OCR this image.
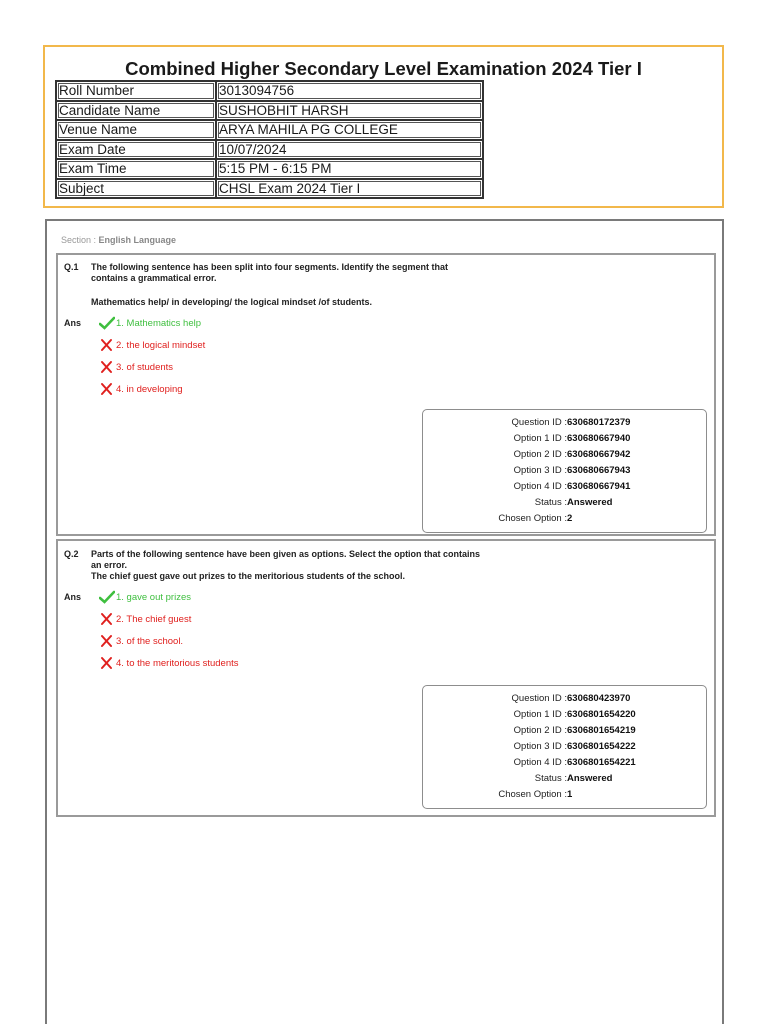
Combined Higher Secondary Level Examination 2024 Tier I
Roll Number	3013094756
Candidate Name	SUSHOBHIT HARSH
Venue Name	ARYA MAHILA PG COLLEGE
Exam Date	10/07/2024
Exam Time	5:15 PM - 6:15 PM
Subject	CHSL Exam 2024 Tier I
Section : English Language
Q.1 The following sentence has been split into four segments. Identify the segment that
contains a grammatical error.
Mathematics help/ in developing/ the logical mindset /of students.
Ans	1. Mathematics help
2. the logical mindset
3. of students
4. in developing
Question ID : 630680172379
Option 1 ID : 630680667940
Option 2 ID : 630680667942
Option 3 ID : 630680667943
Option 4 ID : 630680667941
Status : Answered
Chosen Option : 2
Q.2 Parts of the following sentence have been given as options. Select the option that contains
an error.
The chief guest gave out prizes to the meritorious students of the school.
Ans	1. gave out prizes
2. The chief guest
3. of the school.
4. to the meritorious students
Question ID : 630680423970
Option 1 ID : 6306801654220
Option 2 ID : 6306801654219
Option 3 ID : 6306801654222
Option 4 ID : 6306801654221
Status : Answered
Chosen Option : 1
